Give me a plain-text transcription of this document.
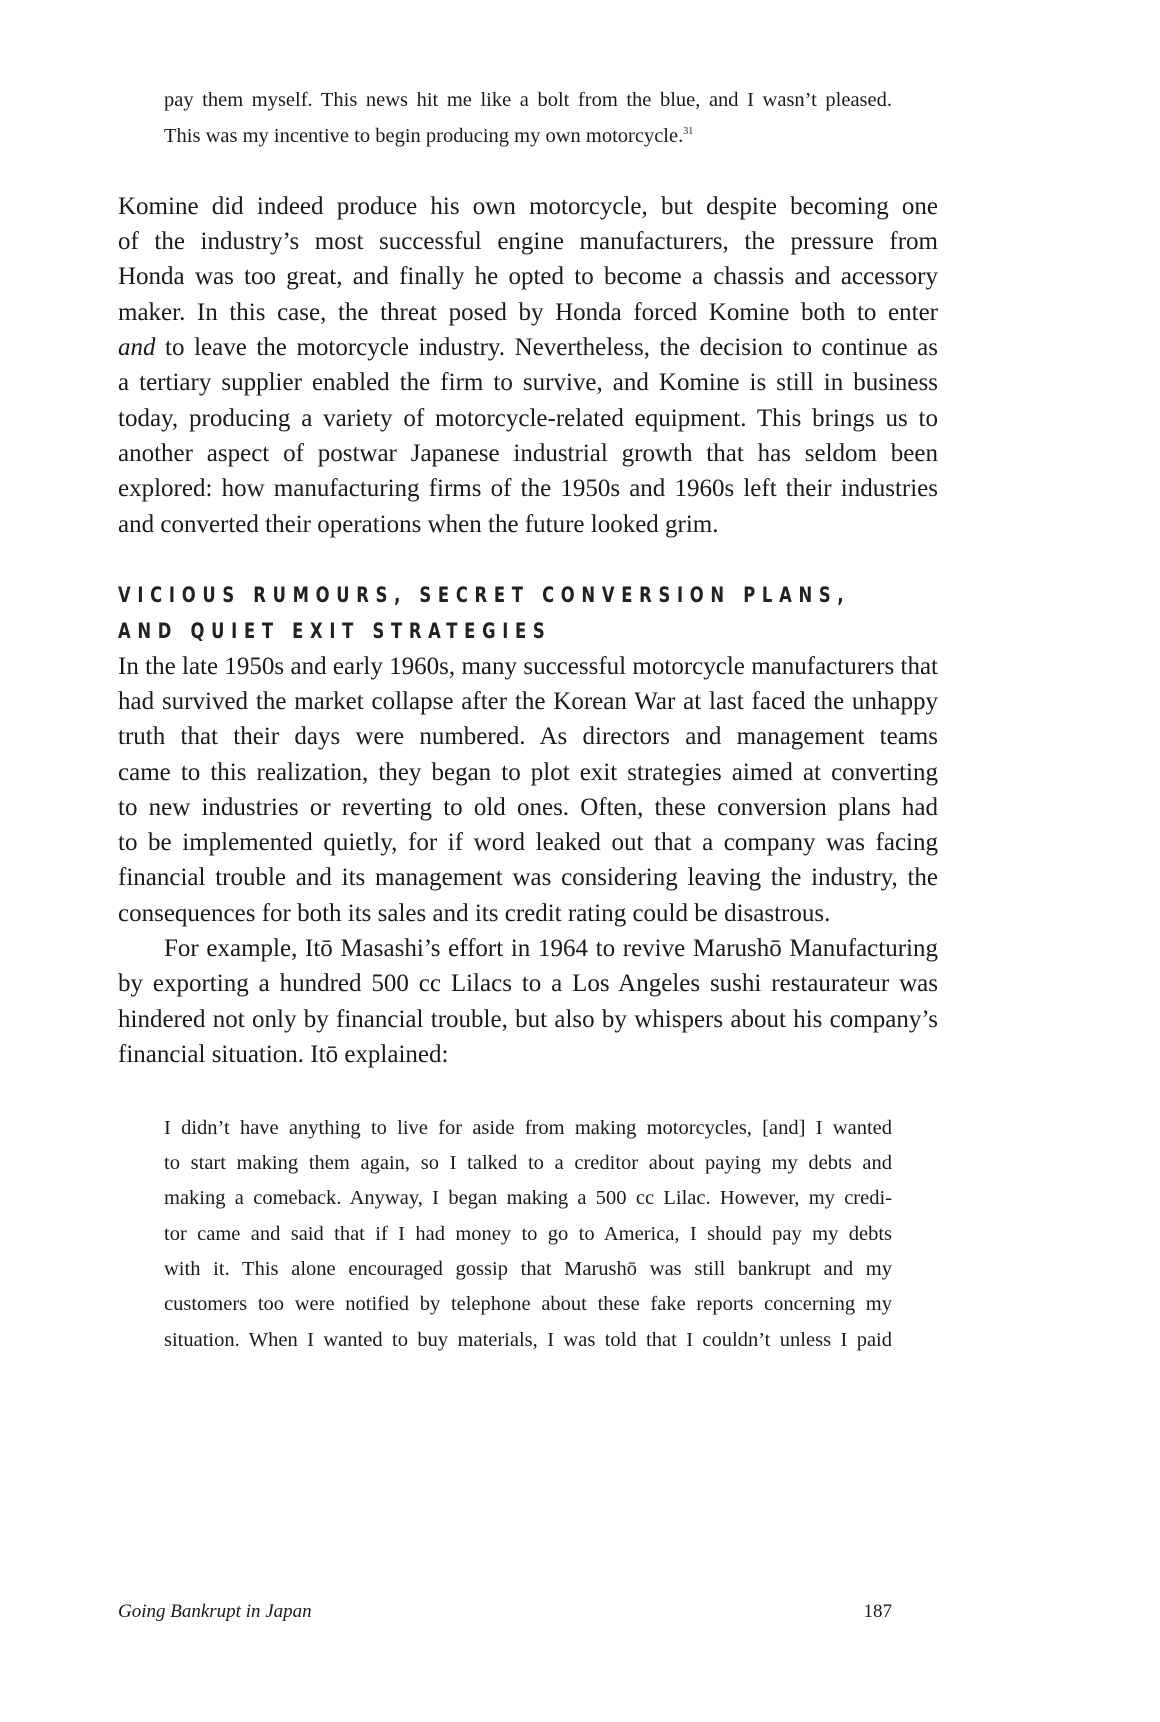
pay them myself. This news hit me like a bolt from the blue, and I wasn’t pleased.
This was my incentive to begin producing my own motorcycle.$^{31}$
Komine did indeed produce his own motorcycle, but despite becoming one
of the industry’s most successful engine manufacturers, the pressure from
Honda was too great, and finally he opted to become a chassis and accessory
maker. In this case, the threat posed by Honda forced Komine both to enter
and to leave the motorcycle industry. Nevertheless, the decision to continue as
a tertiary supplier enabled the firm to survive, and Komine is still in business
today, producing a variety of motorcycle-related equipment. This brings us to
another aspect of postwar Japanese industrial growth that has seldom been
explored: how manufacturing firms of the 1950s and 1960s left their industries
and converted their operations when the future looked grim.
VICIOUS RUMOURS, SECRET CONVERSION PLANS,
AND QUIET EXIT STRATEGIES
In the late 1950s and early 1960s, many successful motorcycle manufacturers that
had survived the market collapse after the Korean War at last faced the unhappy
truth that their days were numbered. As directors and management teams
came to this realization, they began to plot exit strategies aimed at converting
to new industries or reverting to old ones. Often, these conversion plans had
to be implemented quietly, for if word leaked out that a company was facing
financial trouble and its management was considering leaving the industry, the
consequences for both its sales and its credit rating could be disastrous.
For example, Itō Masashi’s effort in 1964 to revive Marushō Manufacturing
by exporting a hundred 500 cc Lilacs to a Los Angeles sushi restaurateur was
hindered not only by financial trouble, but also by whispers about his company’s
financial situation. Itō explained:
I didn’t have anything to live for aside from making motorcycles, [and] I wanted
to start making them again, so I talked to a creditor about paying my debts and
making a comeback. Anyway, I began making a 500 cc Lilac. However, my credi-
tor came and said that if I had money to go to America, I should pay my debts
with it. This alone encouraged gossip that Marushō was still bankrupt and my
customers too were notified by telephone about these fake reports concerning my
situation. When I wanted to buy materials, I was told that I couldn’t unless I paid
Going Bankrupt in Japan	187
